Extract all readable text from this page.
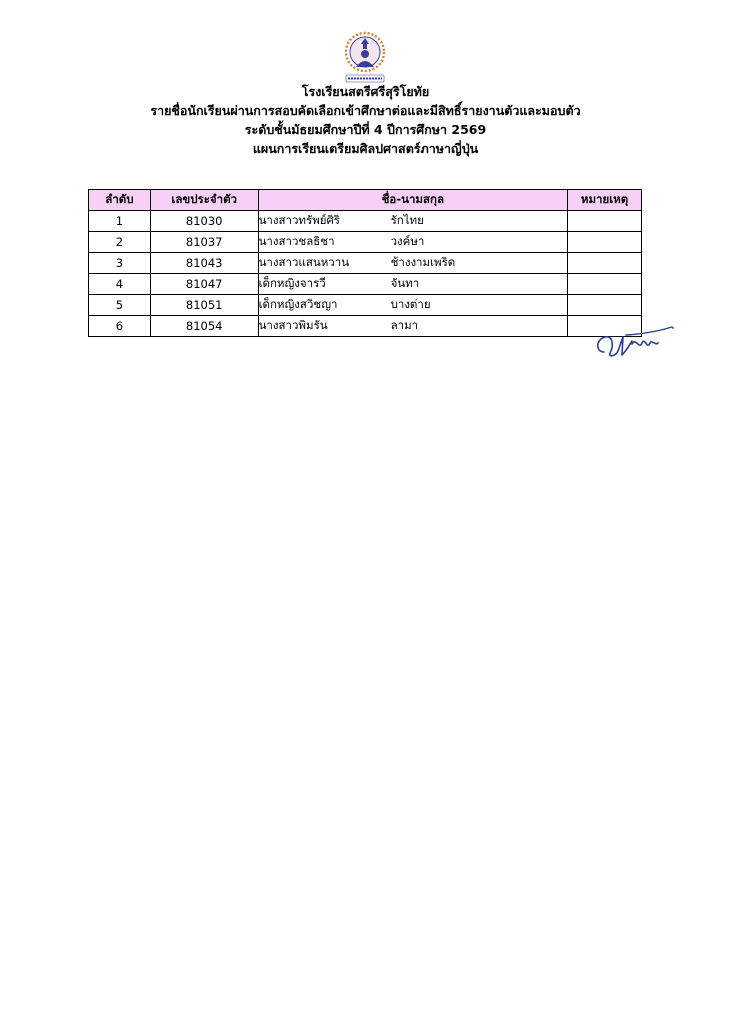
โรงเรียนสตรีศรีสุริโยทัย
รายชื่อนักเรียนผ่านการสอบคัดเลือกเข้าศึกษาต่อและมีสิทธิ์รายงานตัวและมอบตัว
ระดับชั้นมัธยมศึกษาปีที่ 4 ปีการศึกษา 2569
แผนการเรียนเตรียมศิลปศาสตร์ภาษาญี่ปุ่น
ลำดับ	เลขประจำตัว	ชื่อ-นามสกุล	หมายเหตุ
1	81030	นางสาวทรัพย์ศิริ รักไทย	
2	81037	นางสาวชลธิชา วงค์ษา	
3	81043	นางสาวแสนหวาน ช้างงามเพริด	
4	81047	เด็กหญิงจารวี จันทา	
5	81051	เด็กหญิงสวิชญา บางต่าย	
6	81054	นางสาวพิมรัน ลามา	
